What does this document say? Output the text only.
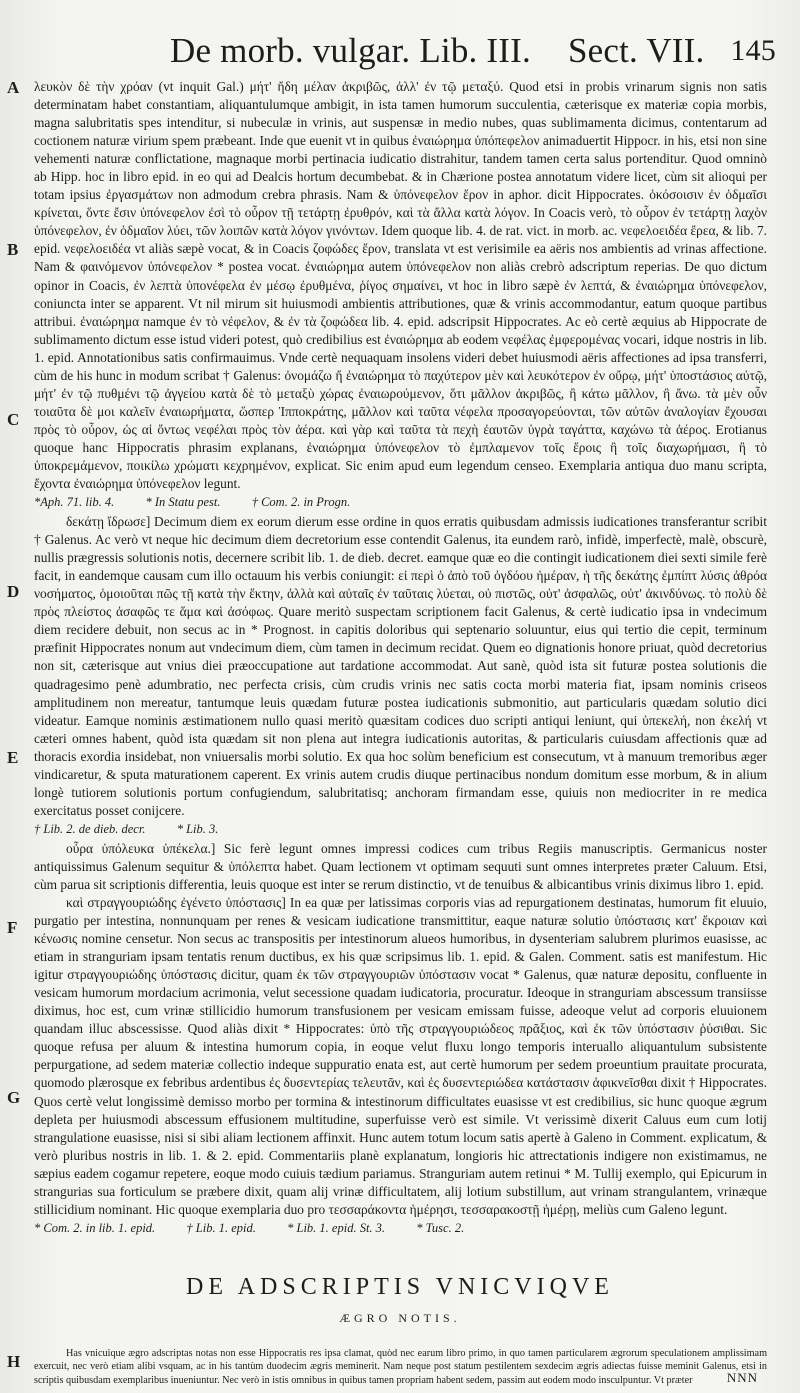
De morb. vulgar. Lib. III. Sect. VII. 145
A
B
C
D
E
F
G
H

λευκὸν δὲ τὴν χρόαν (vt inquit Gal.) μήτ' ἤδη μέλαν ἀκριβῶς, ἀλλ' ἐν τῷ μεταξύ. Quod etsi in probis vrinarum signis non satis determinatam habet constantiam, aliquantulumque ambigit, in ista tamen humorum succulentia, cæterisque ex materiæ copia morbis, magna salubritatis spes intenditur, si nubeculæ in vrinis, aut suspensæ in medio nubes, quas sublimamenta dicimus, contentarum ad coctionem naturæ virium spem præbeant. Inde que euenit vt in quibus ἐναιώρημα ὑπόπεφελον animaduertit Hippocr. in his, etsi non sine vehementi naturæ conflictatione, magnaque morbi pertinacia iudicatio distrahitur, tandem tamen certa salus portenditur. Quod omninò ab Hipp. hoc in libro epid. in eo qui ad Dealcis hortum decumbebat. & in Chærione postea annotatum videre licet, cùm sit alioqui per totam ipsius ἐργασμάτων non admodum crebra phrasis. Nam & ὑπόνεφελον ἔρον in aphor. dicit Hippocrates. ὁκόσοισιν ἐν ὁδμαῖσι κρίνεται, ὅντε ἔσιν ὑπόνεφελον ἐσὶ τὸ οὖρον τῇ τετάρτῃ ἐρυθρόν, καὶ τὰ ἄλλα κατὰ λόγον. In Coacis verò, τὸ οὖρον ἐν τετάρτῃ λαχὸν ὑπόνεφελον, ἐν ὁδμαῖον λύει, τῶν λοιπῶν κατὰ λόγον γινόντων. Idem quoque lib. 4. de rat. vict. in morb. ac. νεφελοειδέα ἔρεα, & lib. 7. epid. νεφελοειδέα vt aliàs sæpè vocat, & in Coacis ζοφώδες ἔρον, translata vt est verisimile ea aëris nos ambientis ad vrinas affectione. Nam & φαινόμενον ὑπόνεφελον * postea vocat. ἐναιώρημα autem ὑπόνεφελον non aliàs crebrò adscriptum reperias. De quo dictum opinor in Coacis, ἐν λεπτὰ ὑπονέφελα ἐν μέσῳ ἐρυθμένα, ῥίγος σημαίνει, vt hoc in libro sæpè ἐν λεπτά, & ἐναιώρημα ὑπόνεφελον, coniuncta inter se apparent. Vt nil mirum sit huiusmodi ambientis attributiones, quæ & vrinis accommodantur, eatum quoque partibus attribui. ἐναιώρημα namque ἐν τὸ νέφελον, & ἐν τὰ ζοφώδεα lib. 4. epid. adscripsit Hippocrates. Ac eò certè æquius ab Hippocrate de sublimamento dictum esse istud videri potest, quò credibilius est ἐναιώρημα ab eodem νεφέλας ἐμφερομένας vocari, idque nostris in lib. 1. epid. Annotationibus satis confirmauimus. Vnde certè nequaquam insolens videri debet huiusmodi aëris affectiones ad ipsa transferri, cùm de his hunc in modum scribat † Galenus: ὀνομάζω ἤ ἐναιώρημα τὸ παχύτερον μὲν καὶ λευκότερον ἐν οὔρῳ, μήτ' ὑποστάσιος αὐτῷ, μήτ' ἐν τῷ πυθμένι τῷ ἀγγείου κατὰ δὲ τὸ μεταξὺ χώρας ἐναιωρούμενον, ὅτι μᾶλλον ἀκριβῶς, ἢ κάτω μᾶλλον, ἢ ἄνω. τὰ μὲν οὖν τοιαῦτα δὲ μοι καλεῖν ἐναιωρήματα, ὥσπερ Ἱπποκράτης, μᾶλλον καὶ ταῦτα νέφελα προσαγορεύονται, τῶν αὐτῶν ἀναλογίαν ἔχουσαι πρὸς τὸ οὖρον, ὡς αἱ ὄντως νεφέλαι πρὸς τὸν ἀέρα. καὶ γὰρ καὶ ταῦτα τὰ πεχὴ ἐαυτῶν ὑγρὰ ταγάττα, καχώνω τὰ ἀέρος. Erotianus quoque hanc Hippocratis phrasim explanans, ἐναιώρημα ὑπόνεφελον τὸ ἐμπλαμενον τοῖς ἔροις ἢ τοῖς διαχωρήμασι, ἢ τὸ ὑποκρεμάμενον, ποικίλω χρώματι κεχρημένον, explicat. Sic enim apud eum legendum censeo. Exemplaria antiqua duo manu scripta, ἔχοντα ἐναιώρημα ὑπόνεφελον legunt.

*Aph. 71. lib. 4.          * In Statu pest.          † Com. 2. in Progn.

δεκάτῃ ἴδρωσε] Decimum diem ex eorum dierum esse ordine in quos erratis quibusdam admissis iudicationes transferantur scribit † Galenus. Ac verò vt neque hic decimum diem decretorium esse contendit Galenus, ita eundem rarò, infidè, imperfectè, malè, obscurè, nullis prægressis solutionis notis, decernere scribit lib. 1. de dieb. decret. eamque quæ eo die contingit iudicationem diei sexti simile ferè facit, in eandemque causam cum illo octauum his verbis coniungit: εἰ περὶ ὁ ἀπὸ τοῦ ὀγδόου ἡμέραν, ἡ τῆς δεκάτης ἐμπίπτ λύσις ἀθρόα νοσήματος, ὁμοιοῦται πῶς τῇ κατὰ τὴν ἕκτην, ἀλλὰ καὶ αὐταῖς ἐν ταῦταις λύεται, οὐ πιστῶς, οὐτ' ἀσφαλῶς, οὐτ' ἀκινδύνως. τὸ πολὺ δὲ πρὸς πλείστος ἀσαφῶς τε ἅμα καὶ ἀσόφως. Quare meritò suspectam scriptionem facit Galenus, & certè iudicatio ipsa in vndecimum diem recidere debuit, non secus ac in * Prognost. in capitis doloribus qui septenario soluuntur, eius qui tertio die cepit, terminum præfinit Hippocrates nonum aut vndecimum diem, cùm tamen in decimum recidat. Quem eo dignationis honore priuat, quòd decretorius non sit, cæterisque aut vnius diei præoccupatione aut tardatione accommodat. Aut sanè, quòd ista sit futuræ postea solutionis die quadragesimo penè adumbratio, nec perfecta crisis, cùm crudis vrinis nec satis cocta morbi materia fiat, ipsam nominis criseos amplitudinem non mereatur, tantumque leuis quædam futuræ postea iudicationis submonitio, aut particularis quædam solutio dici videatur. Eamque nominis æstimationem nullo quasi meritò quæsitam codices duo scripti antiqui leniunt, qui ὑπεκελή, non ἐκελή vt cæteri omnes habent, quòd ista quædam sit non plena aut integra iudicationis autoritas, & particularis cuiusdam affectionis quæ ad thoracis exordia insidebat, non vniuersalis morbi solutio. Ex qua hoc solùm beneficium est consecutum, vt à manuum tremoribus æger vindicaretur, & sputa maturationem caperent. Ex vrinis autem crudis diuque pertinacibus nondum domitum esse morbum, & in alium longè tutiorem solutionis portum confugiendum, salubritatisq; anchoram firmandam esse, quiuis non mediocriter in re medica exercitatus posset conijcere.

† Lib. 2. de dieb. decr.          * Lib. 3.

οὖρα ὑπόλευκα ὑπέκελα.] Sic ferè legunt omnes impressi codices cum tribus Regiis manuscriptis. Germanicus noster antiquissimus Galenum sequitur & ὑπόλεπτα habet. Quam lectionem vt optimam sequuti sunt omnes interpretes præter Caluum. Etsi, cùm parua sit scriptionis differentia, leuis quoque est inter se rerum distinctio, vt de tenuibus & albicantibus vrinis diximus libro 1. epid.

καὶ στραγγουριώδης ἐγένετο ὑπόστασις] In ea quæ per latissimas corporis vias ad repurgationem destinatas, humorum fit eluuio, purgatio per intestina, nonnunquam per renes & vesicam iudicatione transmittitur, eaque naturæ solutio ὑπόστασις κατ' ἔκροιαν καὶ κένωσις nomine censetur. Non secus ac transpositis per intestinorum alueos humoribus, in dysenteriam salubrem plurimos euasisse, ac etiam in stranguriam ipsam tentatis renum ductibus, ex his quæ scripsimus lib. 1. epid. & Galen. Comment. satis est manifestum. Hic igitur στραγγουριώδης ὑπόστασις dicitur, quam ἐκ τῶν στραγγουριῶν ὑπόστασιν vocat * Galenus, quæ naturæ depositu, confluente in vesicam humorum mordacium acrimonia, velut secessione quadam iudicatoria, procuratur. Ideoque in stranguriam abscessum transiisse diximus, hoc est, cum vrinæ stillicidio humorum transfusionem per vesicam emissam fuisse, adeoque velut ad corporis eluuionem quandam illuc abscessisse. Quod aliàs dixit * Hippocrates: ὑπὸ τῆς στραγγουριώδεος πρᾶξιος, καὶ ἐκ τῶν ὑπόστασιν ῥύσιθαι. Sic quoque refusa per aluum & intestina humorum copia, in eoque velut fluxu longo temporis interuallo aliquantulum subsistente perpurgatione, ad sedem materiæ collectio indeque suppuratio enata est, aut certè humorum per sedem proeuntium prauitate procurata, quomodo plærosque ex febribus ardentibus ἐς δυσεντερίας τελευτᾶν, καὶ ἐς δυσεντεριώδεα κατάστασιν ἀφικνεῖσθαι dixit † Hippocrates. Quos certè velut longissimè demisso morbo per tormina & intestinorum difficultates euasisse vt est credibilius, sic hunc quoque ægrum depleta per huiusmodi abscessum effusionem multitudine, superfuisse verò est simile. Vt verissimè dixerit Caluus eum cum lotij strangulatione euasisse, nisi si sibi aliam lectionem affinxit. Hunc autem totum locum satis apertè à Galeno in Comment. explicatum, & verò pluribus nostris in lib. 1. & 2. epid. Commentariis planè explanatum, longioris hic attrectationis indigere non existimamus, ne sæpius eadem cogamur repetere, eoque modo cuiuis tædium pariamus. Stranguriam autem retinui * M. Tullij exemplo, qui Epicurum in strangurias sua forticulum se præbere dixit, quam alij vrinæ difficultatem, alij lotium substillum, aut vrinam strangulantem, vrinæque stillicidium nominant. Hic quoque exemplaria duo pro τεσσαράκοντα ἡμέρησι, τεσσαρακοστῇ ἡμέρῃ, meliùs cum Galeno legunt.

* Com. 2. in lib. 1. epid.          † Lib. 1. epid.          * Lib. 1. epid. St. 3.          * Tusc. 2.
DE ADSCRIPTIS VNICVIQVE
ÆGRO NOTIS.

Has vnicuique ægro adscriptas notas non esse Hippocratis res ipsa clamat, quòd nec earum libro primo, in quo tamen particularem ægrorum speculationem amplissimam exercuit, nec verò etiam alibi vsquam, ac in his tantùm duodecim ægris meminerit. Nam neque post statum pestilentem sexdecim ægris adiectas fuisse meminit Galenus, etsi in scriptis quibusdam exemplaribus inueniuntur. Nec verò in istis omnibus in quibus tamen propriam habent sedem, passim aut eodem modo insculpuntur. Vt præter	NNN
